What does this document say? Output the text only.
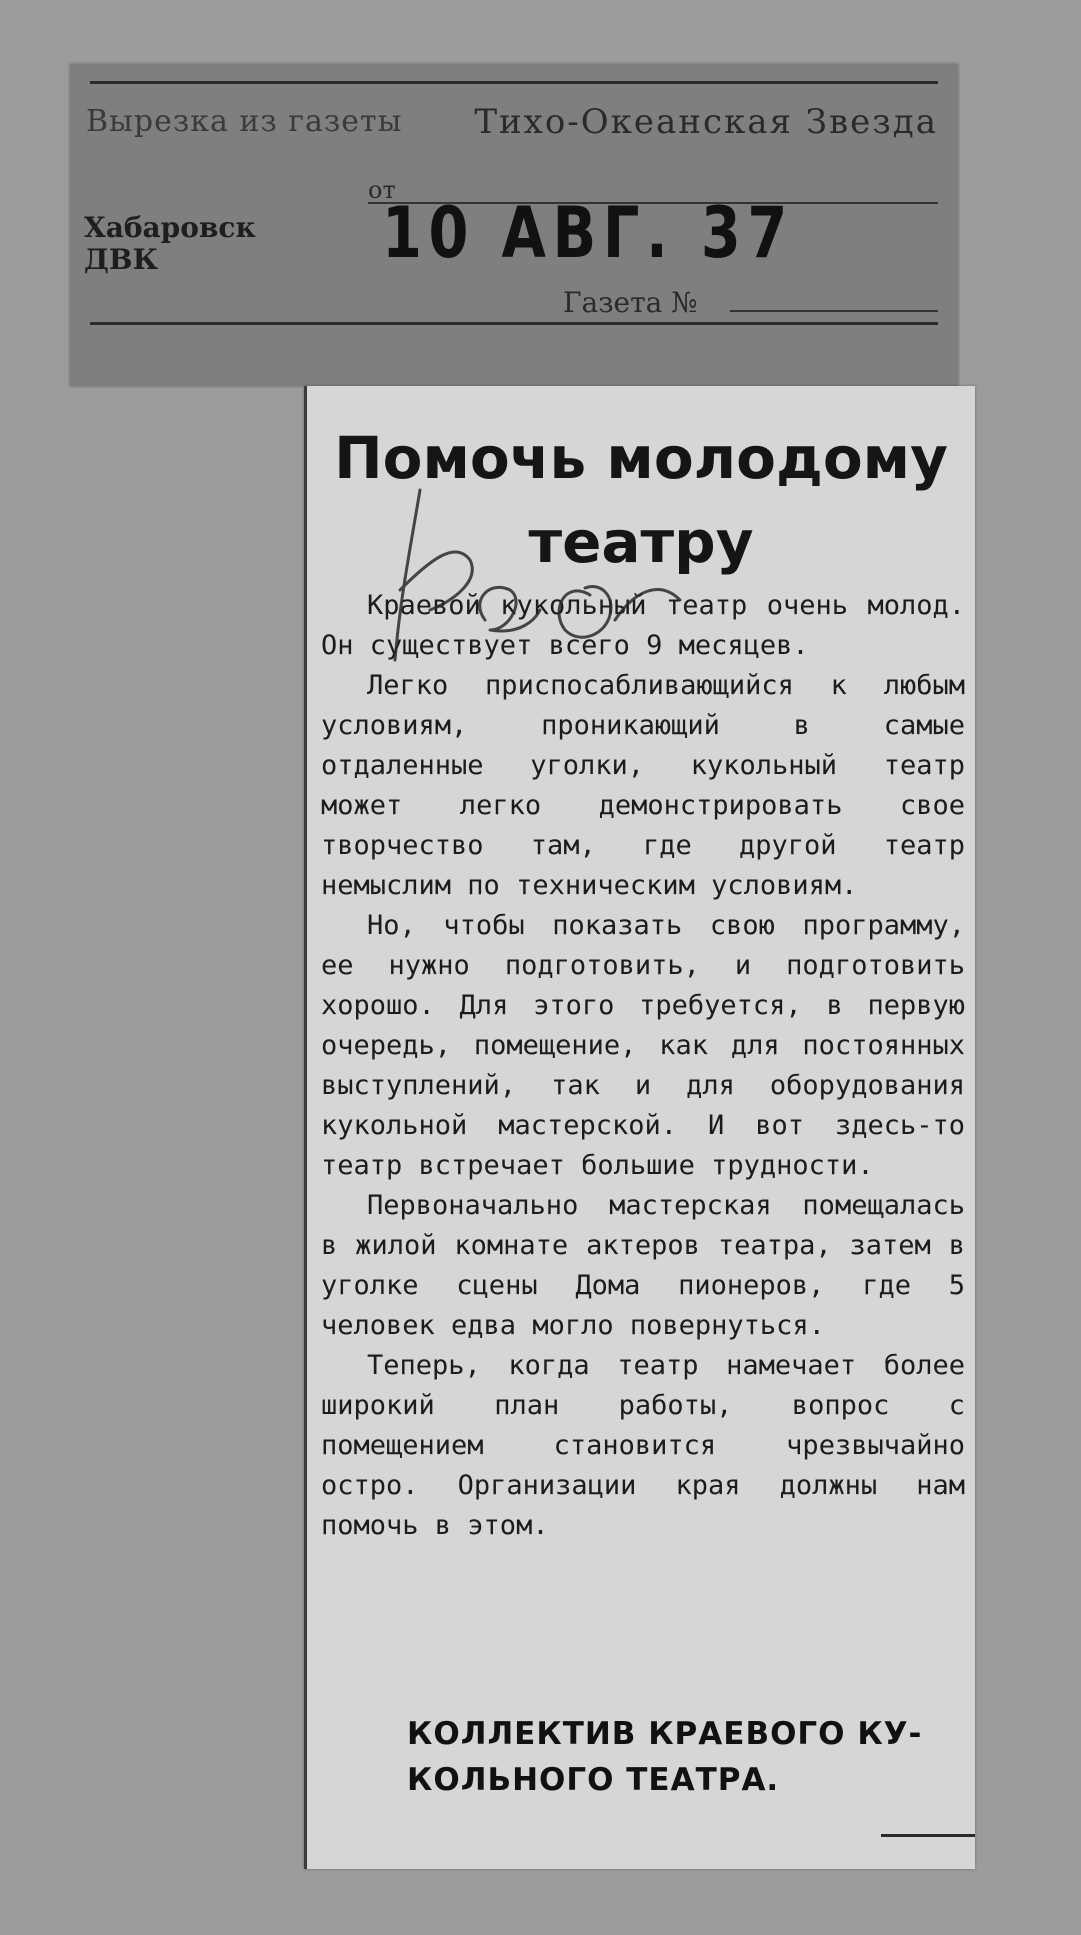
Вырезка из газеты Тихо-Океанская Звезда
Хабаровск
ДВК
от
10 АВГ. 37
Газета №
Помочь молодому
театру

Краевой кукольный театр очень молод. Он существует всего 9 месяцев.

Легко приспосабливающийся к любым условиям, проникающий в самые отдаленные уголки, кукольный театр может легко демонстрировать свое творчество там, где другой театр немыслим по техническим условиям.

Но, чтобы показать свою программу, ее нужно подготовить, и подготовить хорошо. Для этого требуется, в первую очередь, помещение, как для постоянных выступлений, так и для оборудования кукольной мастерской. И вот здесь-то театр встречает большие трудности.

Первоначально мастерская помещалась в жилой комнате актеров театра, затем в уголке сцены Дома пионеров, где 5 человек едва могло повернуться.

Теперь, когда театр намечает более широкий план работы, вопрос с помещением становится чрезвычайно остро. Организации края должны нам помочь в этом.

КОЛЛЕКТИВ КРАЕВОГО КУ-
КОЛЬНОГО ТЕАТРА.
